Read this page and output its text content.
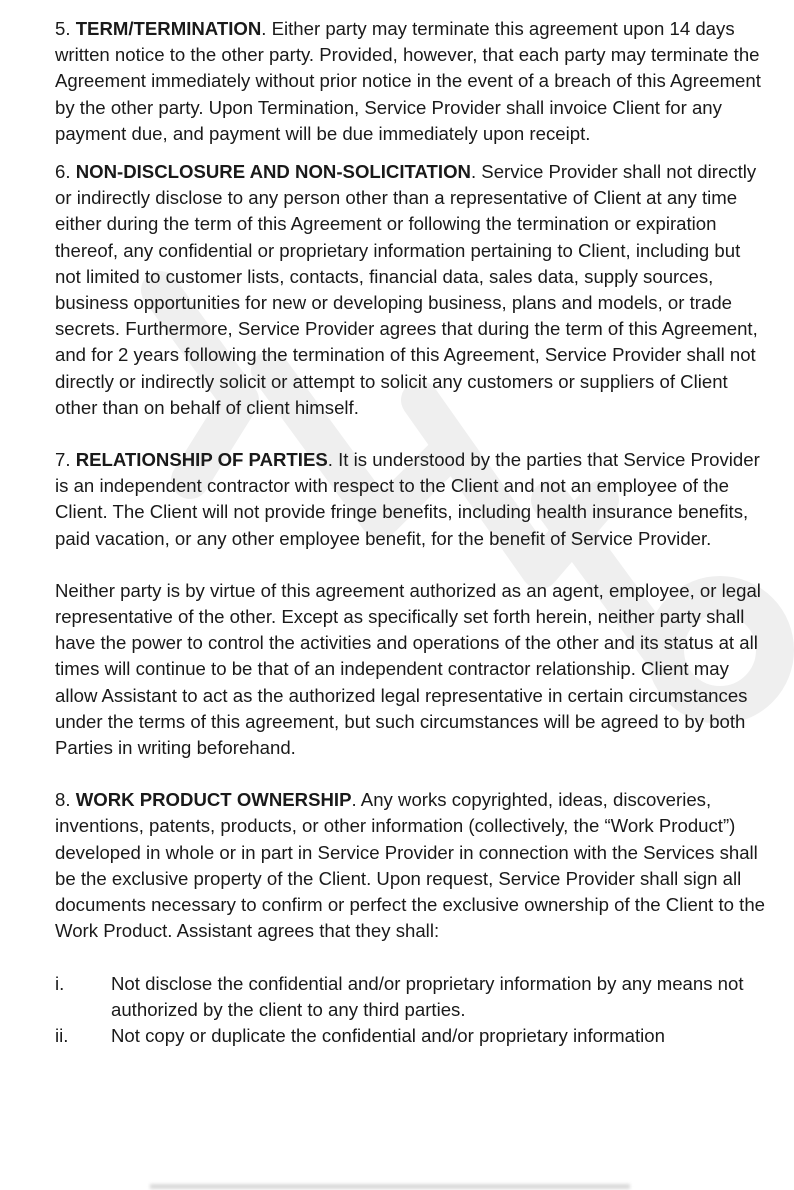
5. TERM/TERMINATION. Either party may terminate this agreement upon 14 days written notice to the other party. Provided, however, that each party may terminate the Agreement immediately without prior notice in the event of a breach of this Agreement by the other party. Upon Termination, Service Provider shall invoice Client for any payment due, and payment will be due immediately upon receipt.

6. NON-DISCLOSURE AND NON-SOLICITATION. Service Provider shall not directly or indirectly disclose to any person other than a representative of Client at any time either during the term of this Agreement or following the termination or expiration thereof, any confidential or proprietary information pertaining to Client, including but not limited to customer lists, contacts, financial data, sales data, supply sources, business opportunities for new or developing business, plans and models, or trade secrets. Furthermore, Service Provider agrees that during the term of this Agreement, and for 2 years following the termination of this Agreement, Service Provider shall not directly or indirectly solicit or attempt to solicit any customers or suppliers of Client other than on behalf of client himself.

7. RELATIONSHIP OF PARTIES. It is understood by the parties that Service Provider is an independent contractor with respect to the Client and not an employee of the Client. The Client will not provide fringe benefits, including health insurance benefits, paid vacation, or any other employee benefit, for the benefit of Service Provider.

Neither party is by virtue of this agreement authorized as an agent, employee, or legal representative of the other. Except as specifically set forth herein, neither party shall have the power to control the activities and operations of the other and its status at all times will continue to be that of an independent contractor relationship. Client may allow Assistant to act as the authorized legal representative in certain circumstances under the terms of this agreement, but such circumstances will be agreed to by both Parties in writing beforehand.

8. WORK PRODUCT OWNERSHIP. Any works copyrighted, ideas, discoveries, inventions, patents, products, or other information (collectively, the “Work Product”) developed in whole or in part in Service Provider in connection with the Services shall be the exclusive property of the Client. Upon request, Service Provider shall sign all documents necessary to confirm or perfect the exclusive ownership of the Client to the Work Product. Assistant agrees that they shall:

i.	Not disclose the confidential and/or proprietary information by any means not authorized by the client to any third parties.
ii.	Not copy or duplicate the confidential and/or proprietary information
